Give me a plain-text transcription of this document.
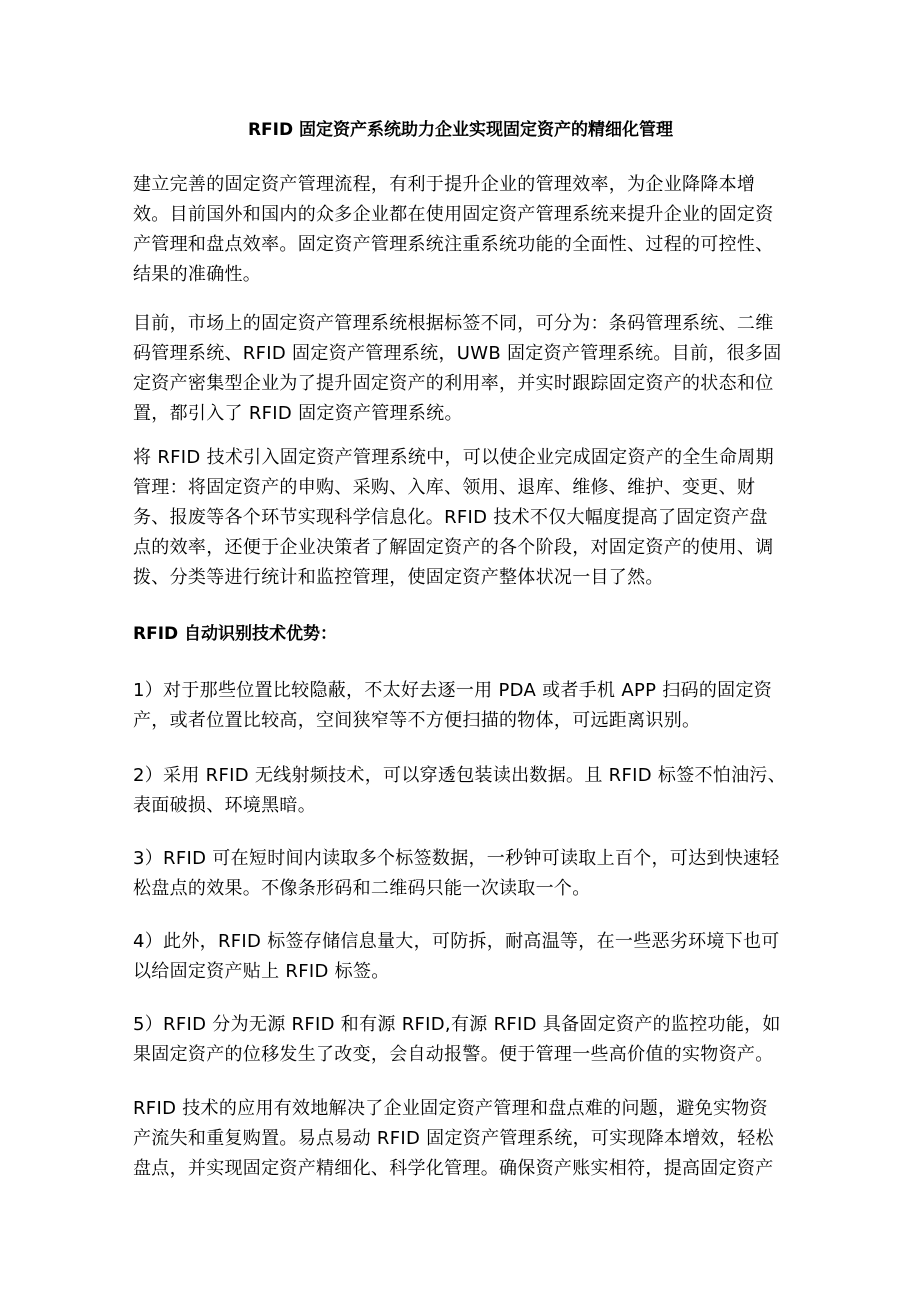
RFID 固定资产系统助力企业实现固定资产的精细化管理
建立完善的固定资产管理流程，有利于提升企业的管理效率，为企业降降本增
效。目前国外和国内的众多企业都在使用固定资产管理系统来提升企业的固定资
产管理和盘点效率。固定资产管理系统注重系统功能的全面性、过程的可控性、
结果的准确性。
目前，市场上的固定资产管理系统根据标签不同，可分为：条码管理系统、二维
码管理系统、RFID 固定资产管理系统，UWB 固定资产管理系统。目前，很多固
定资产密集型企业为了提升固定资产的利用率，并实时跟踪固定资产的状态和位
置，都引入了 RFID 固定资产管理系统。
将 RFID 技术引入固定资产管理系统中，可以使企业完成固定资产的全生命周期
管理：将固定资产的申购、采购、入库、领用、退库、维修、维护、变更、财
务、报废等各个环节实现科学信息化。RFID 技术不仅大幅度提高了固定资产盘
点的效率，还便于企业决策者了解固定资产的各个阶段，对固定资产的使用、调
拨、分类等进行统计和监控管理，使固定资产整体状况一目了然。
RFID 自动识别技术优势：
1）对于那些位置比较隐蔽，不太好去逐一用 PDA 或者手机 APP 扫码的固定资
产，或者位置比较高，空间狭窄等不方便扫描的物体，可远距离识别。
2）采用 RFID 无线射频技术，可以穿透包装读出数据。且 RFID 标签不怕油污、
表面破损、环境黑暗。
3）RFID 可在短时间内读取多个标签数据，一秒钟可读取上百个，可达到快速轻
松盘点的效果。不像条形码和二维码只能一次读取一个。
4）此外，RFID 标签存储信息量大，可防拆，耐高温等，在一些恶劣环境下也可
以给固定资产贴上 RFID 标签。
5）RFID 分为无源 RFID 和有源 RFID,有源 RFID 具备固定资产的监控功能，如
果固定资产的位移发生了改变，会自动报警。便于管理一些高价值的实物资产。
RFID 技术的应用有效地解决了企业固定资产管理和盘点难的问题，避免实物资
产流失和重复购置。易点易动 RFID 固定资产管理系统，可实现降本增效，轻松
盘点，并实现固定资产精细化、科学化管理。确保资产账实相符，提高固定资产
